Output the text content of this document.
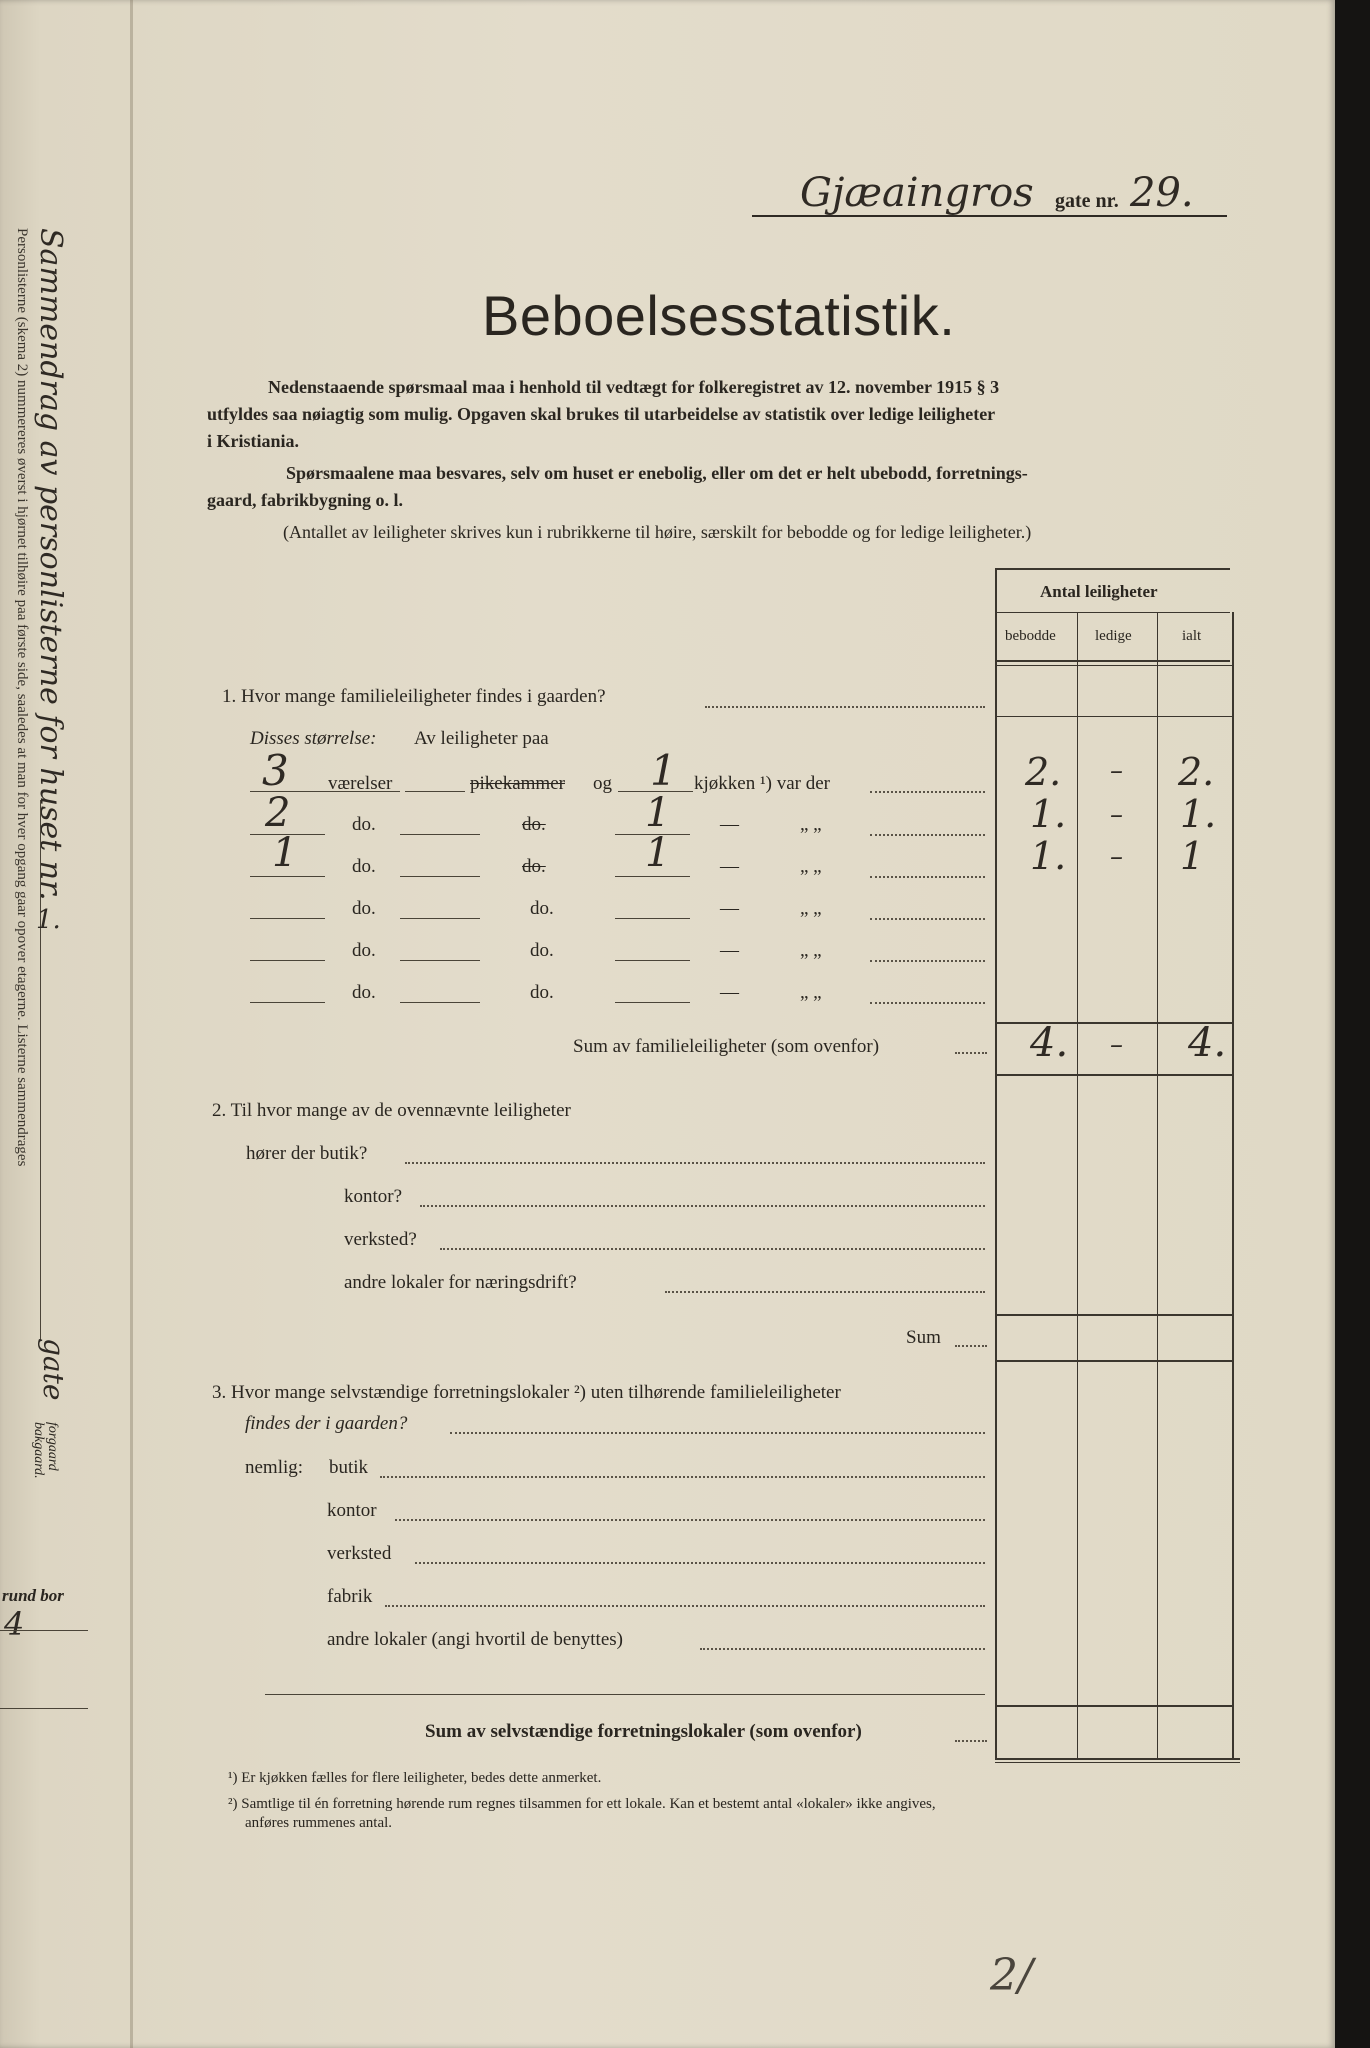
Sammendrag av personlisterne for huset nr.
Personlisterne (skema 2) nummereres øverst i hjørnet tilhøire paa første side, saaledes at man for hver opgang gaar opover etagerne. Listerne sammendrages 1.
gate
forgaard
bakgaard.
rund bor
4
Gjæaingros gate nr. 29.
Beboelsesstatistik.
Nedenstaaende spørsmaal maa i henhold til vedtægt for folkeregistret av 12. november 1915 § 3
utfyldes saa nøiagtig som mulig. Opgaven skal brukes til utarbeidelse av statistik over ledige leiligheter
i Kristiania.
Spørsmaalene maa besvares, selv om huset er enebolig, eller om det er helt ubebodd, forretnings-
gaard, fabrikbygning o. l.
(Antallet av leiligheter skrives kun i rubrikkerne til høire, særskilt for bebodde og for ledige leiligheter.)
Antal leiligheter
bebodde	ledige	ialt
1. Hvor mange familieleiligheter findes i gaarden?
Disses størrelse: Av leiligheter paa
3 værelser	pikekammer og 1 kjøkken ¹) var der	2. – 2.
2	do.	do. 1	—	„ „	1. – 1.
1	do.	do. 1	—	„ „	1. – 1
do.	do.	—	„ „
do.	do.	—	„ „
do.	do.	—	„ „
Sum av familieleiligheter (som ovenfor)	4. – 4.
2. Til hvor mange av de ovennævnte leiligheter
hører der butik?
kontor?
verksted?
andre lokaler for næringsdrift?
Sum
3. Hvor mange selvstændige forretningslokaler ²) uten tilhørende familieleiligheter
findes der i gaarden?
nemlig: butik
kontor
verksted
fabrik
andre lokaler (angi hvortil de benyttes)
Sum av selvstændige forretningslokaler (som ovenfor)
¹) Er kjøkken fælles for flere leiligheter, bedes dette anmerket.
²) Samtlige til én forretning hørende rum regnes tilsammen for ett lokale. Kan et bestemt antal «lokaler» ikke angives,
anføres rummenes antal.
2/
